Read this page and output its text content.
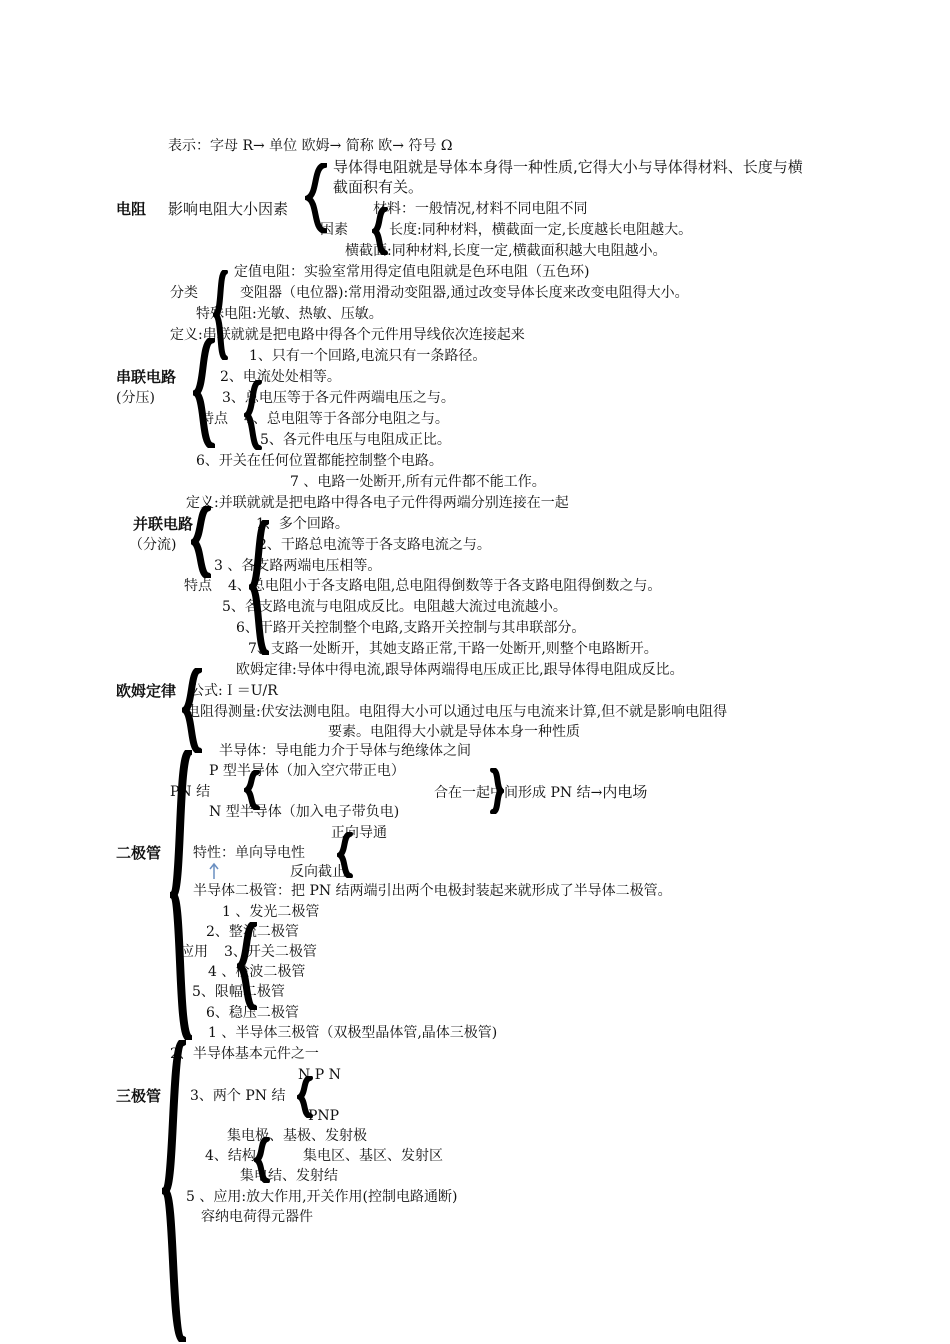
表示：字母 R→ 单位 欧姆→ 简称 欧→ 符号 Ω
导体得电阻就是导体本身得一种性质,它得大小与导体得材料、长度与横
截面积有关。
电阻 影响电阻大小因素	材料：一般情况,材料不同电阻不同
因素	长度:同种材料，横截面一定,长度越长电阻越大。
横截面:同种材料,长度一定,横截面积越大电阻越小。
定值电阻：实验室常用得定值电阻就是色环电阻（五色环)
分类	变阻器（电位器):常用滑动变阻器,通过改变导体长度来改变电阻得大小。
特殊电阻:光敏、热敏、压敏。
定义:串联就就是把电路中得各个元件用导线依次连接起来
1、只有一个回路,电流只有一条路径。
串联电路	2、电流处处相等。
(分压)	3、总电压等于各元件两端电压之与。
特点 4、总电阻等于各部分电阻之与。
5、各元件电压与电阻成正比。
6、开关在任何位置都能控制整个电路。
7 、电路一处断开,所有元件都不能工作。
定义:并联就就是把电路中得各电子元件得两端分别连接在一起
并联电路	1、多个回路。
（分流)	2、干路总电流等于各支路电流之与。
3 、各支路两端电压相等。
特点 4、总电阻小于各支路电阻,总电阻得倒数等于各支路电阻得倒数之与。
5、各支路电流与电阻成反比。电阻越大流过电流越小。
6、干路开关控制整个电路,支路开关控制与其串联部分。
7、支路一处断开，其她支路正常,干路一处断开,则整个电路断开。
欧姆定律:导体中得电流,跟导体两端得电压成正比,跟导体得电阻成反比。
欧姆定律 公式:Ｉ＝U/R
电阻得测量:伏安法测电阻。电阻得大小可以通过电压与电流来计算,但不就是影响电阻得
要素。电阻得大小就是导体本身一种性质
半导体：导电能力介于导体与绝缘体之间
P 型半导体（加入空穴带正电）
PN 结	合在一起中间形成 PN 结→内电场
N 型半导体（加入电子带负电)
正向导通
二极管 特性：单向导电性
反向截止
半导体二极管：把 PN 结两端引出两个电极封装起来就形成了半导体二极管。
1 、发光二极管
2、整流二极管
应用 3、开关二极管
4 、检波二极管
5、限幅二极管
6、稳压二极管
1 、半导体三极管（双极型晶体管,晶体三极管)
2、半导体基本元件之一
N P N
三极管 3、两个 PN 结
PNP
集电极、基极、发射极
4、结构	集电区、基区、发射区
集电结、发射结
5 、应用:放大作用,开关作用(控制电路通断)
容纳电荷得元器件
